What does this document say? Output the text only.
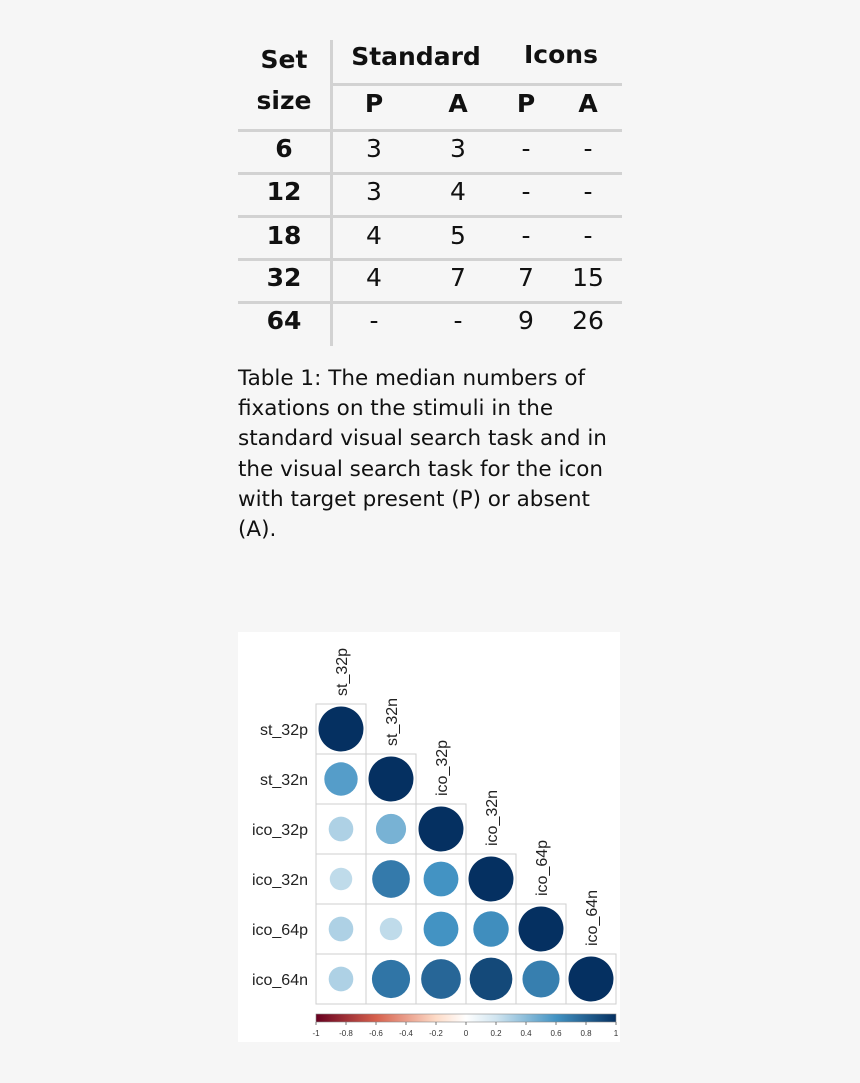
Set
size
Standard	Icons
P	A	P	A
6	3	3	-	-
12	3	4	-	-
18	4	5	-	-
32	4	7	7	15
64	-	-	9	26
Table 1: The median numbers of fixations on the stimuli in the standard visual search task and in the visual search task for the icon with target present (P) or absent (A).
st_32p
st_32n
ico_32p
ico_32n
ico_64p
ico_64n
st_32p
st_32n
ico_32p
ico_32n
ico_64p
ico_64n
-1 -0.8 -0.6 -0.4 -0.2	0	0.2 0.4 0.6 0.8	1
